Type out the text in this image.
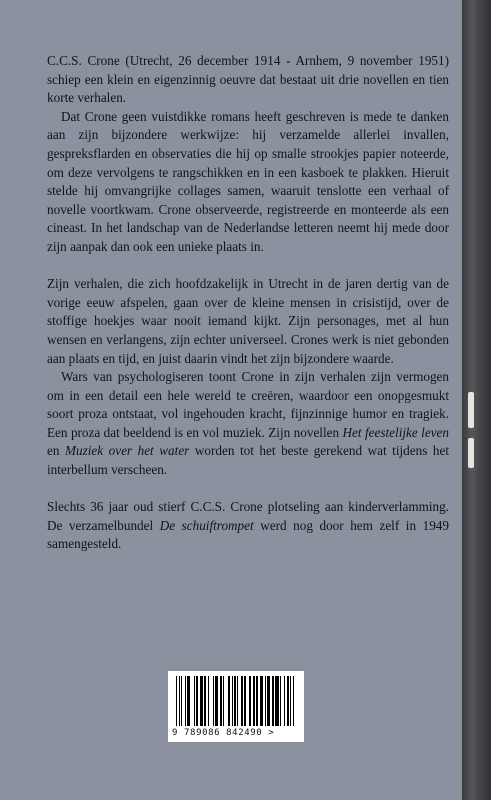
C.C.S. Crone (Utrecht, 26 december 1914 - Arnhem, 9 november 1951) schiep een klein en eigenzinnig oeuvre dat bestaat uit drie novellen en tien korte verhalen.

Dat Crone geen vuistdikke romans heeft geschreven is mede te danken aan zijn bijzondere werkwijze: hij verzamelde allerlei invallen, gespreksflarden en observaties die hij op smalle strookjes papier noteerde, om deze vervolgens te rangschikken en in een kasboek te plakken. Hieruit stelde hij omvangrijke collages samen, waaruit tenslotte een verhaal of novelle voortkwam. Crone observeerde, registreerde en monteerde als een cineast. In het landschap van de Nederlandse letteren neemt hij mede door zijn aanpak dan ook een unieke plaats in.

Zijn verhalen, die zich hoofdzakelijk in Utrecht in de jaren dertig van de vorige eeuw afspelen, gaan over de kleine mensen in crisistijd, over de stoffige hoekjes waar nooit iemand kijkt. Zijn personages, met al hun wensen en verlangens, zijn echter universeel. Crones werk is niet gebonden aan plaats en tijd, en juist daarin vindt het zijn bijzondere waarde.

Wars van psychologiseren toont Crone in zijn verhalen zijn vermogen om in een detail een hele wereld te creëren, waardoor een onopgesmukt soort proza ontstaat, vol ingehouden kracht, fijnzinnige humor en tragiek. Een proza dat beeldend is en vol muziek. Zijn novellen Het feestelijke leven en Muziek over het water worden tot het beste gerekend wat tijdens het interbellum verscheen.

Slechts 36 jaar oud stierf C.C.S. Crone plotseling aan kinderverlamming. De verzamelbundel De schuiftrompet werd nog door hem zelf in 1949 samengesteld.

9 789086 842490 >
